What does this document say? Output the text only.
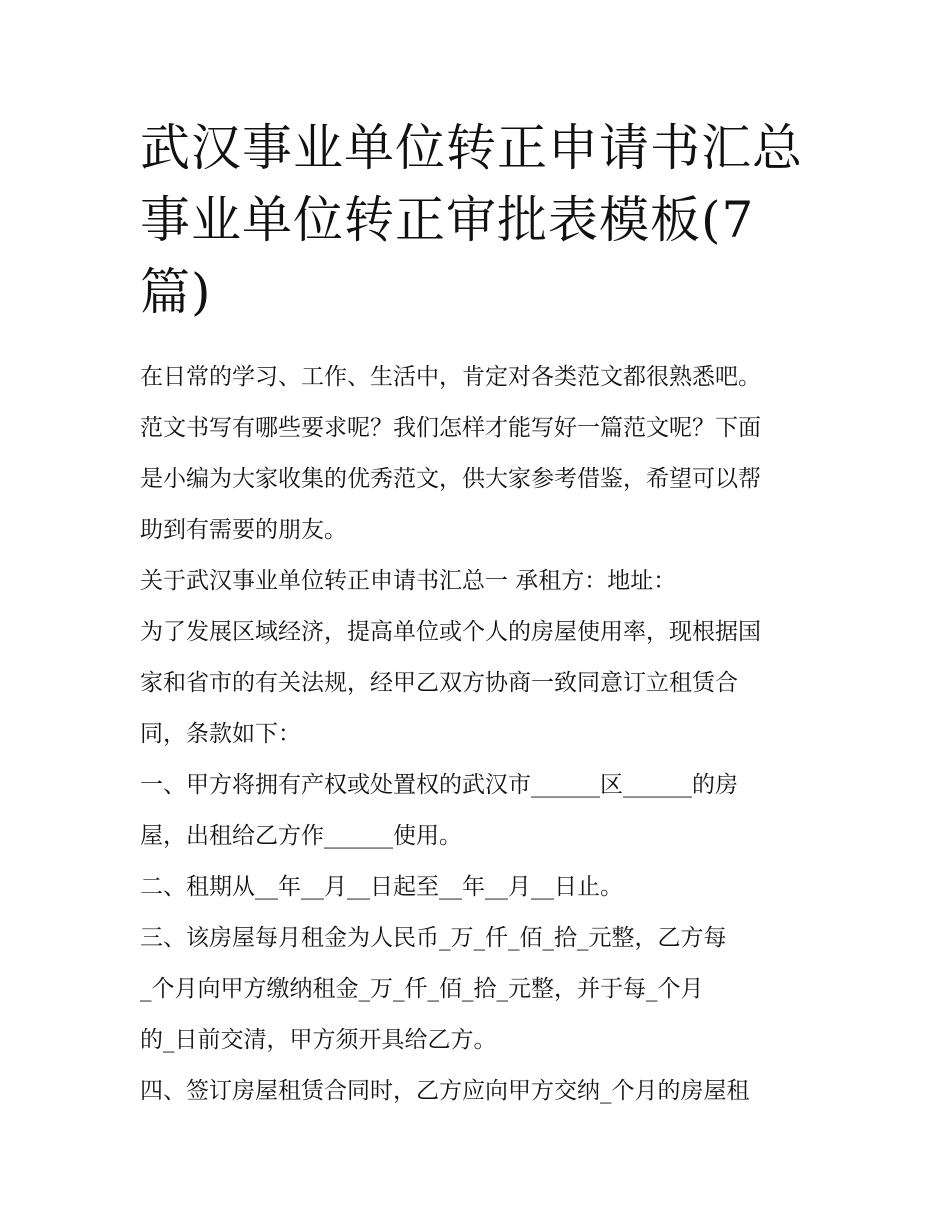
武汉事业单位转正申请书汇总
事业单位转正审批表模板(7
篇)
在日常的学习、工作、生活中，肯定对各类范文都很熟悉吧。
范文书写有哪些要求呢？我们怎样才能写好一篇范文呢？下面
是小编为大家收集的优秀范文，供大家参考借鉴，希望可以帮
助到有需要的朋友。
关于武汉事业单位转正申请书汇总一 承租方：地址：
为了发展区域经济，提高单位或个人的房屋使用率，现根据国
家和省市的有关法规，经甲乙双方协商一致同意订立租赁合
同，条款如下：
一、甲方将拥有产权或处置权的武汉市______区______的房
屋，出租给乙方作______使用。
二、租期从__年__月__日起至__年__月__日止。
三、该房屋每月租金为人民币_万_仟_佰_拾_元整，乙方每
_个月向甲方缴纳租金_万_仟_佰_拾_元整，并于每_个月
的_日前交清，甲方须开具给乙方。
四、签订房屋租赁合同时，乙方应向甲方交纳_个月的房屋租
